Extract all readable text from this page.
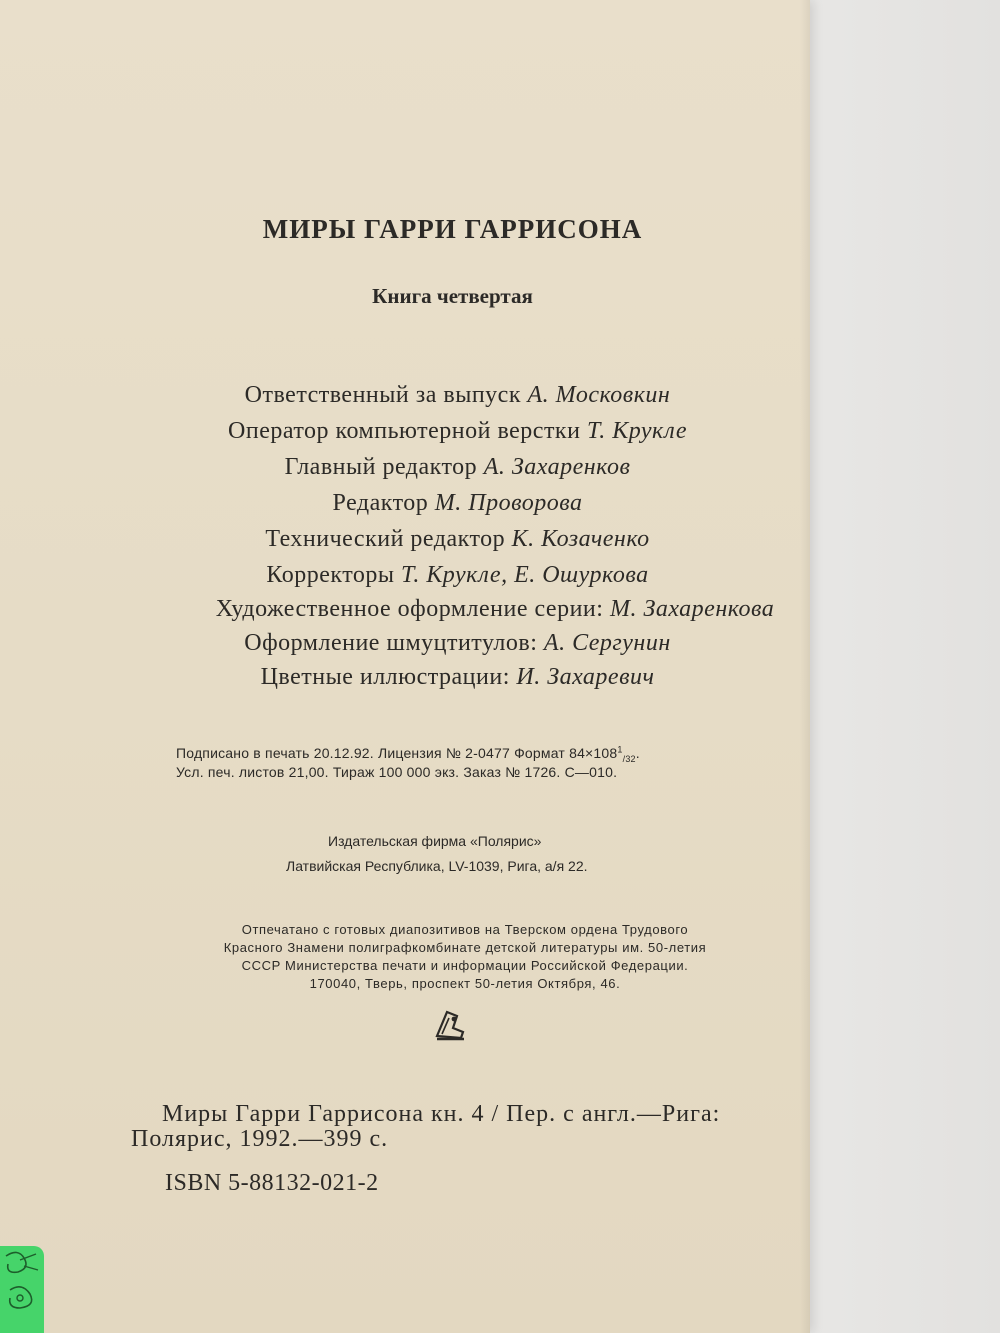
МИРЫ ГАРРИ ГАРРИСОНА
Книга четвертая
Ответственный за выпуск А. Московкин
Оператор компьютерной верстки Т. Крукле
Главный редактор А. Захаренков
Редактор М. Проворова
Технический редактор К. Козаченко
Корректоры Т. Крукле, Е. Ошуркова
Художественное оформление серии: М. Захаренкова
Оформление шмуцтитулов: А. Сергунин
Цветные иллюстрации: И. Захаревич
Подписано в печать 20.12.92. Лицензия № 2-0477 Формат $84\times 108^1_{/32}$.
Усл. печ. листов 21,00. Тираж 100 000 экз. Заказ № 1726. С—010.
Издательская фирма «Полярис»
Латвийская Республика, LV-1039, Рига, а/я 22.
Отпечатано с готовых диапозитивов на Тверском ордена Трудового
Красного Знамени полиграфкомбинате детской литературы им. 50-летия
СССР Министерства печати и информации Российской Федерации.
170040, Тверь, проспект 50-летия Октября, 46.
Миры Гарри Гаррисона кн. 4 / Пер. с англ.—Рига:
Полярис, 1992.—399 с.
ISBN 5-88132-021-2
